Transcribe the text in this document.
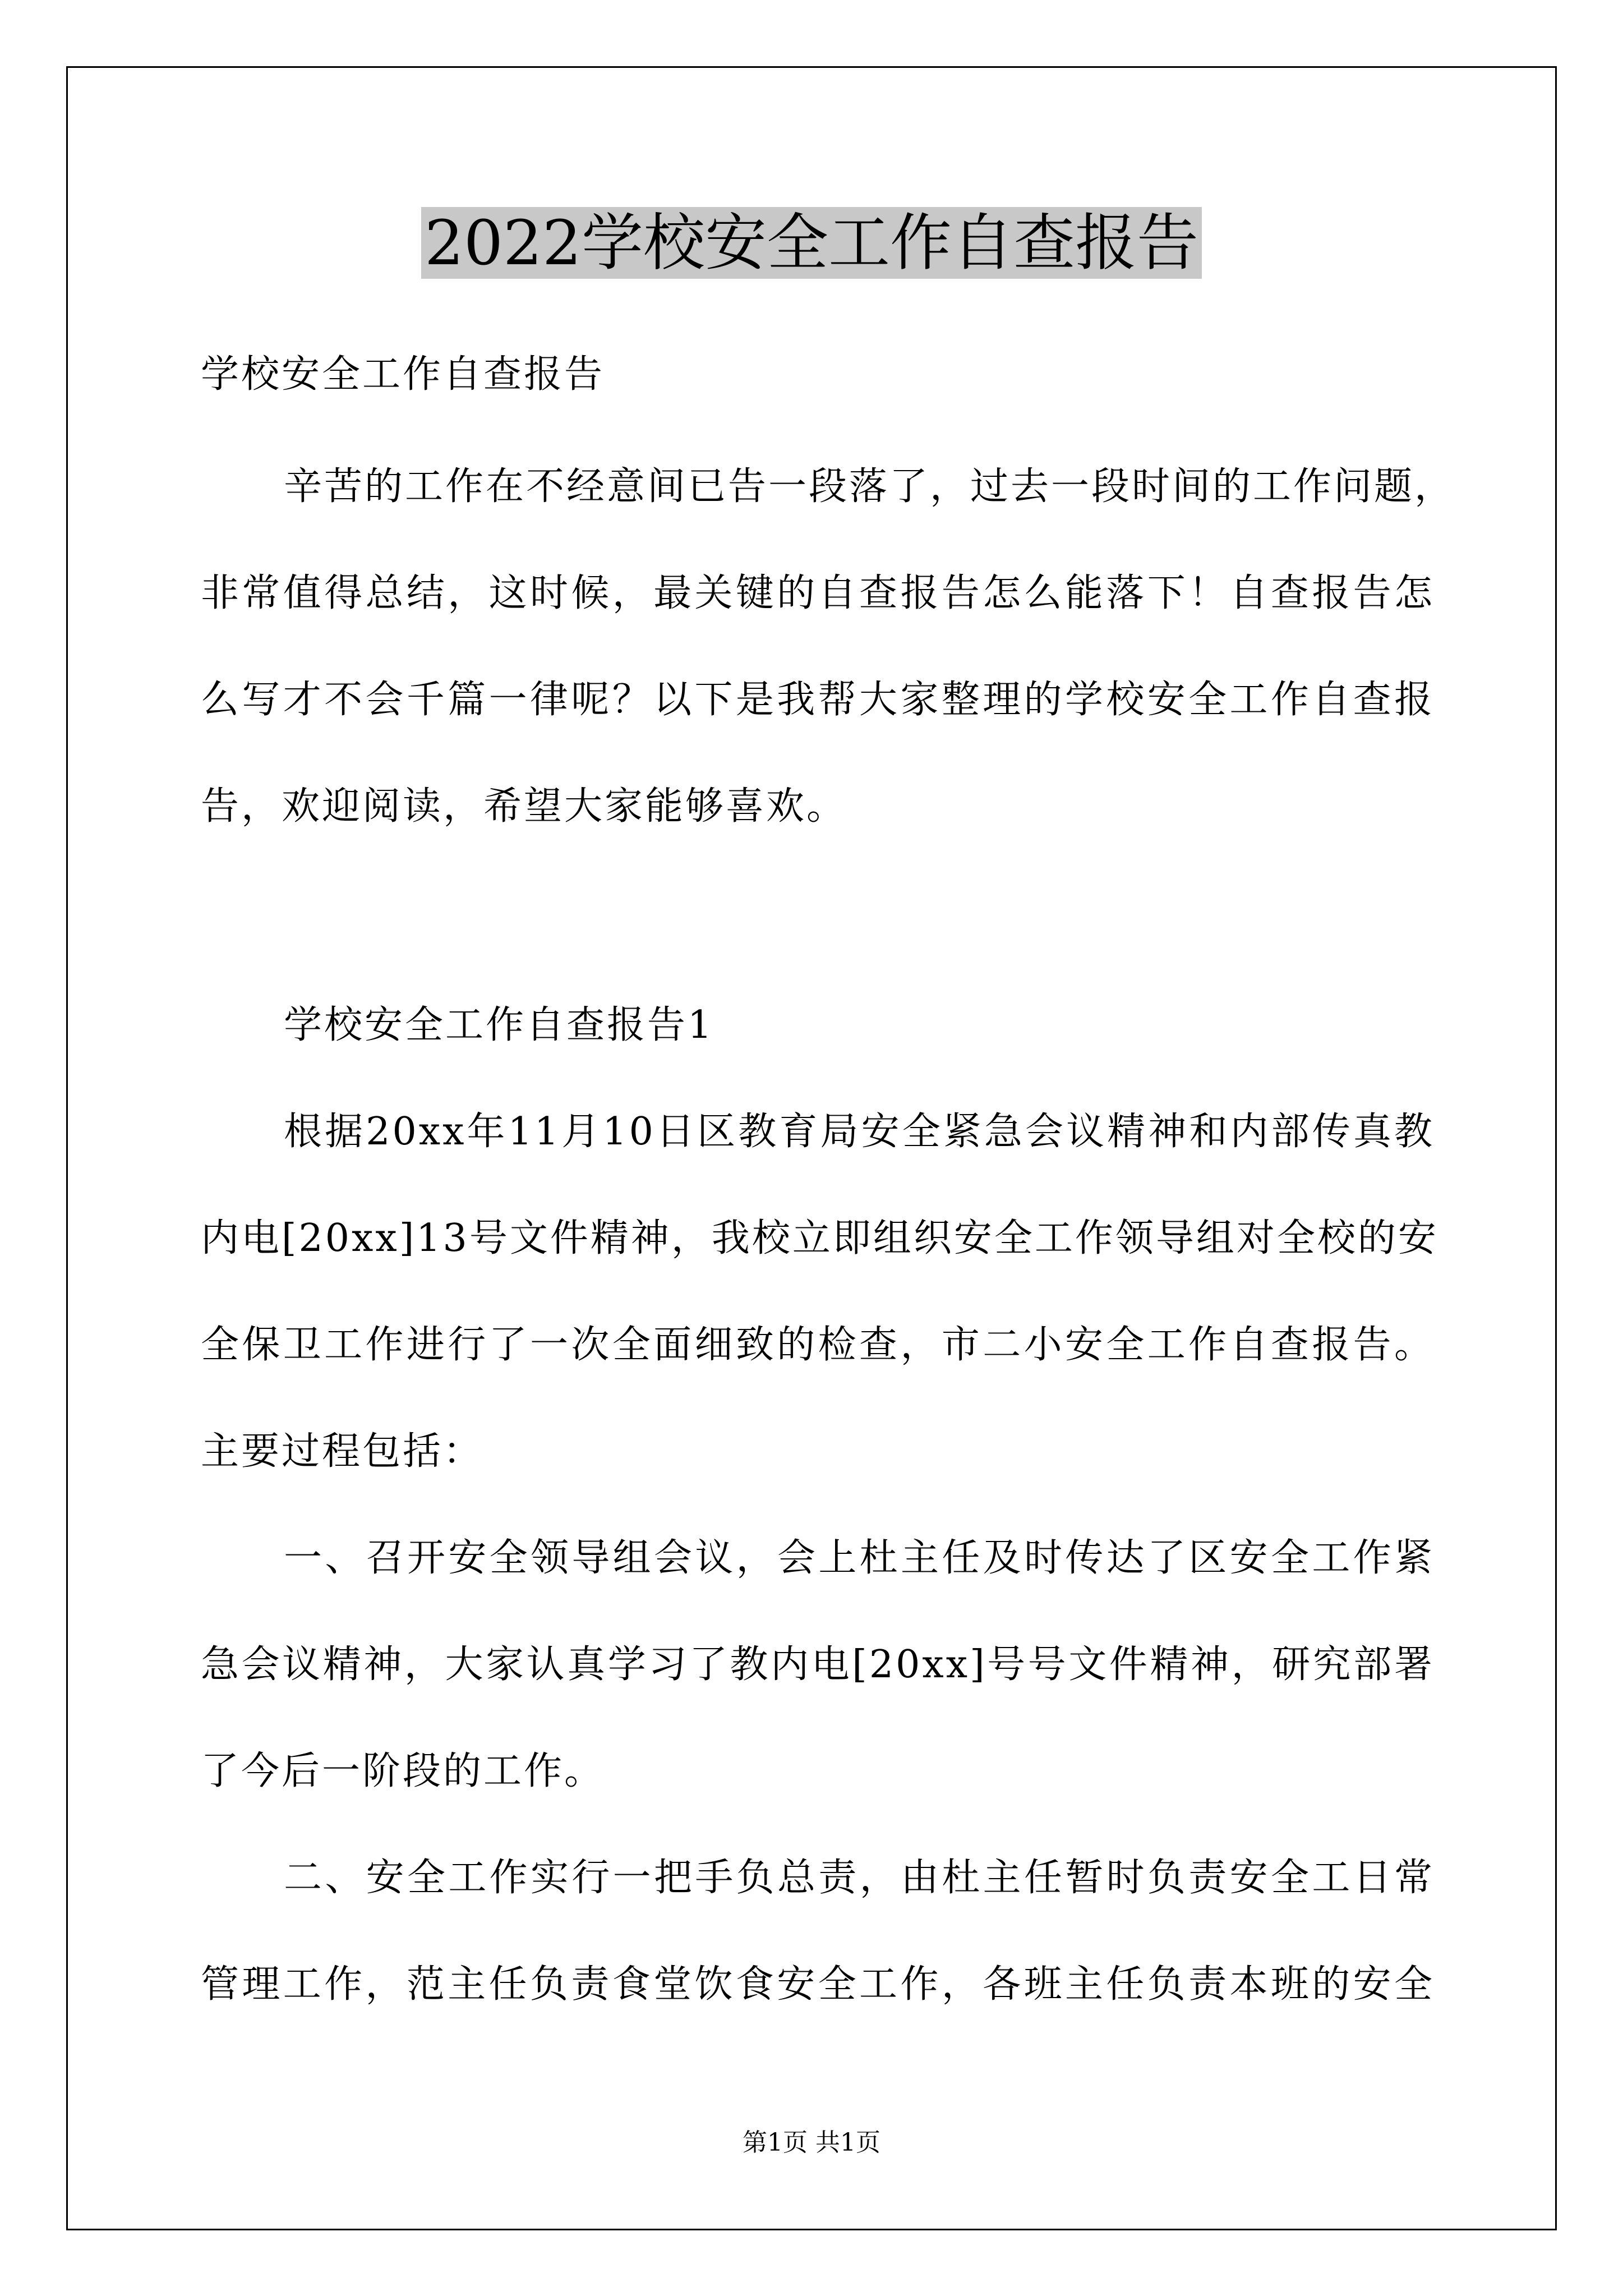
2022学校安全工作自查报告
学校安全工作自查报告
辛苦的工作在不经意间已告一段落了，过去一段时间的工作问题，
非常值得总结，这时候，最关键的自查报告怎么能落下！自查报告怎
么写才不会千篇一律呢？以下是我帮大家整理的学校安全工作自查报
告，欢迎阅读，希望大家能够喜欢。
学校安全工作自查报告1
根据20xx年11月10日区教育局安全紧急会议精神和内部传真教
内电[20xx]13号文件精神，我校立即组织安全工作领导组对全校的安
全保卫工作进行了一次全面细致的检查，市二小安全工作自查报告。
主要过程包括：
一、召开安全领导组会议，会上杜主任及时传达了区安全工作紧
急会议精神，大家认真学习了教内电[20xx]号号文件精神，研究部署
了今后一阶段的工作。
二、安全工作实行一把手负总责，由杜主任暂时负责安全工日常
管理工作，范主任负责食堂饮食安全工作，各班主任负责本班的安全
第1页 共1页
